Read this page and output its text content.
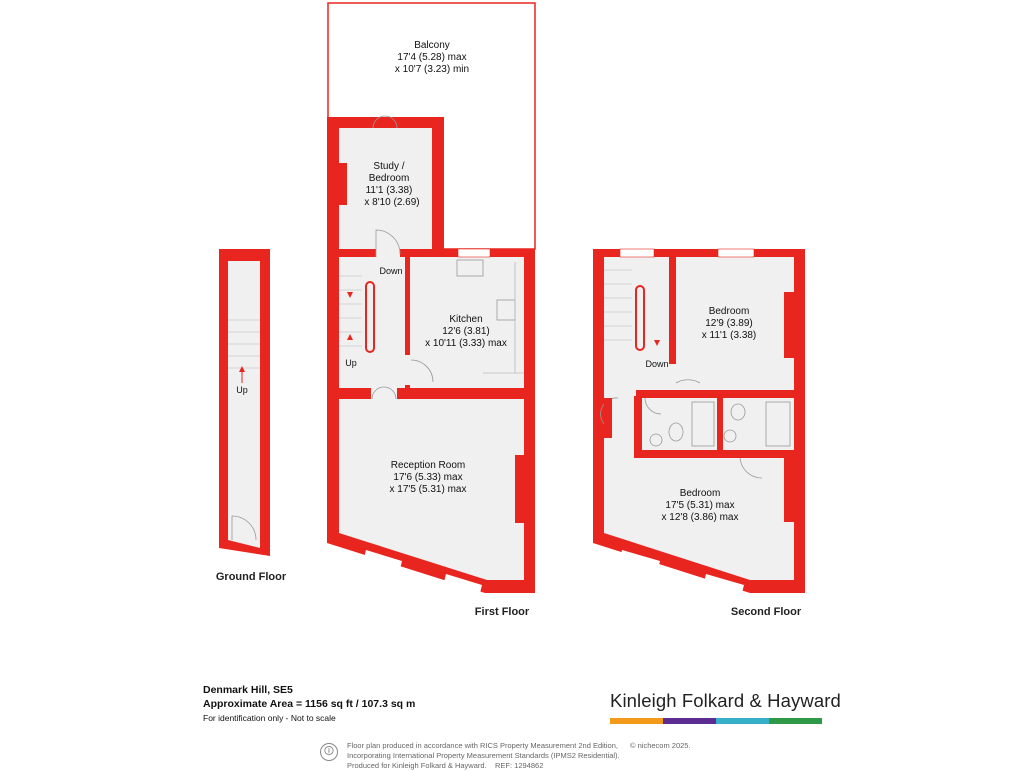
Up
Ground Floor
Down
Up
First Floor
Balcony
17'4 (5.28) max
x 10'7 (3.23) min
Study /
Bedroom
11'1 (3.38)
x 8'10 (2.69)
Kitchen
12'6 (3.81)
x 10'11 (3.33) max
Reception Room
17'6 (5.33) max
x 17'5 (5.31) max
Down
Second Floor
Bedroom
12'9 (3.89)
x 11'1 (3.38)
Bedroom
17'5 (5.31) max
x 12'8 (3.86) max
Denmark Hill, SE5
Approximate Area = 1156 sq ft / 107.3 sq m
For identification only - Not to scale
Kinleigh Folkard & Hayward
🛈
Floor plan produced in accordance with RICS Property Measurement 2nd Edition,
Incorporating International Property Measurement Standards (IPMS2 Residential).
Produced for Kinleigh Folkard & Hayward. REF: 1294862
© nichecom 2025.
